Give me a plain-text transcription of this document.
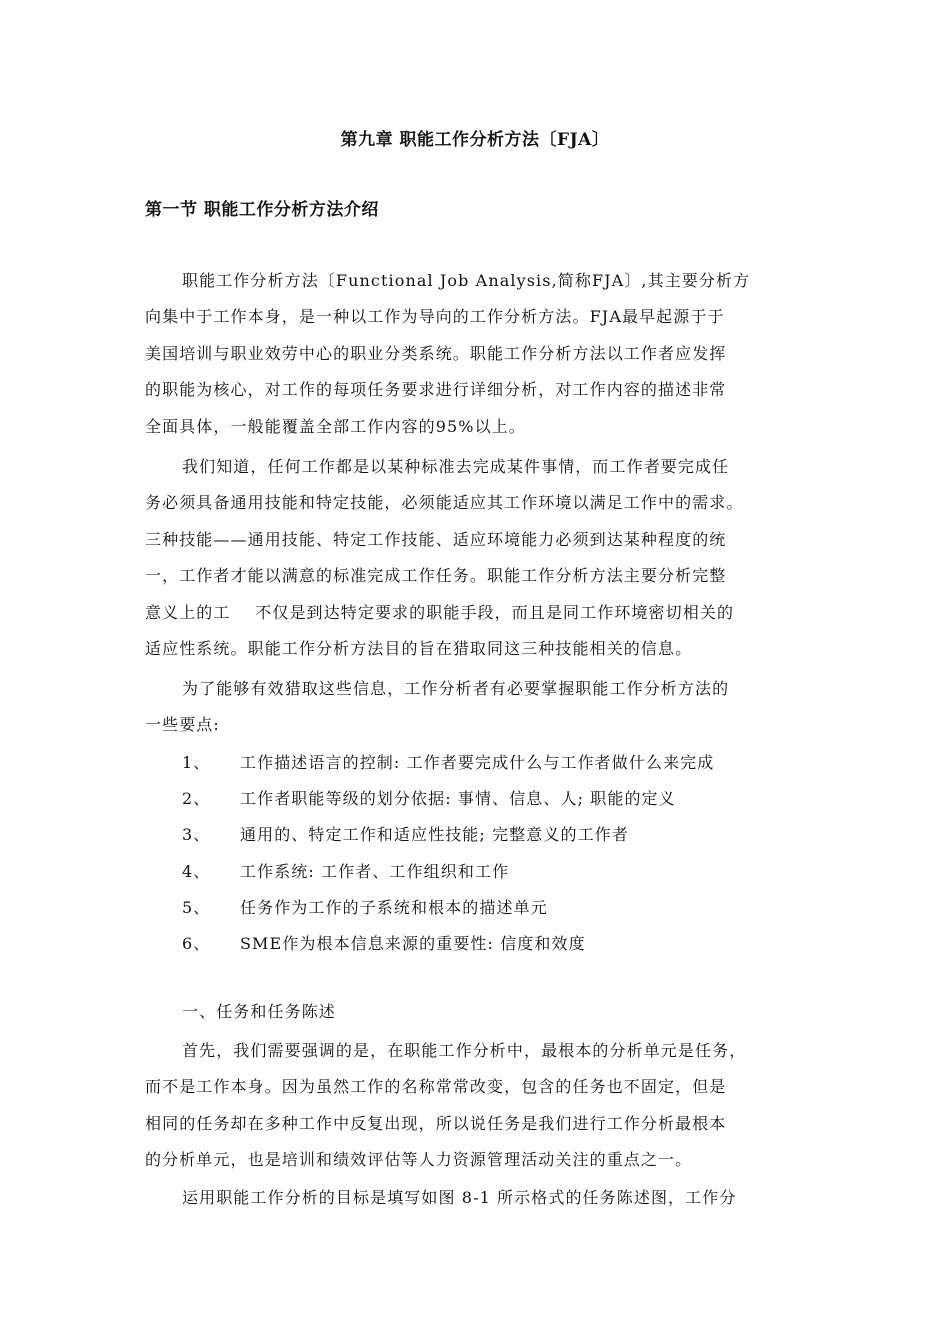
第九章 职能工作分析方法〔FJA〕
第一节 职能工作分析方法介绍
职能工作分析方法〔Functional Job Analysis,简称FJA〕,其主要分析方
向集中于工作本身，是一种以工作为导向的工作分析方法。FJA最早起源于于
美国培训与职业效劳中心的职业分类系统。职能工作分析方法以工作者应发挥
的职能为核心，对工作的每项任务要求进行详细分析，对工作内容的描述非常
全面具体，一般能覆盖全部工作内容的95%以上。
我们知道，任何工作都是以某种标准去完成某件事情，而工作者要完成任
务必须具备通用技能和特定技能，必须能适应其工作环境以满足工作中的需求。
三种技能——通用技能、特定工作技能、适应环境能力必须到达某种程度的统
一，工作者才能以满意的标准完成工作任务。职能工作分析方法主要分析完整
意义上的工    不仅是到达特定要求的职能手段，而且是同工作环境密切相关的
适应性系统。职能工作分析方法目的旨在猎取同这三种技能相关的信息。
为了能够有效猎取这些信息，工作分析者有必要掌握职能工作分析方法的
一些要点:
1、 工作描述语言的控制: 工作者要完成什么与工作者做什么来完成
2、 工作者职能等级的划分依据: 事情、信息、人; 职能的定义
3、 通用的、特定工作和适应性技能; 完整意义的工作者
4、 工作系统: 工作者、工作组织和工作
5、 任务作为工作的子系统和根本的描述单元
6、 SME作为根本信息来源的重要性: 信度和效度
一、任务和任务陈述
首先，我们需要强调的是，在职能工作分析中，最根本的分析单元是任务，
而不是工作本身。因为虽然工作的名称常常改变，包含的任务也不固定，但是
相同的任务却在多种工作中反复出现，所以说任务是我们进行工作分析最根本
的分析单元，也是培训和绩效评估等人力资源管理活动关注的重点之一。
运用职能工作分析的目标是填写如图 8-1 所示格式的任务陈述图，工作分
